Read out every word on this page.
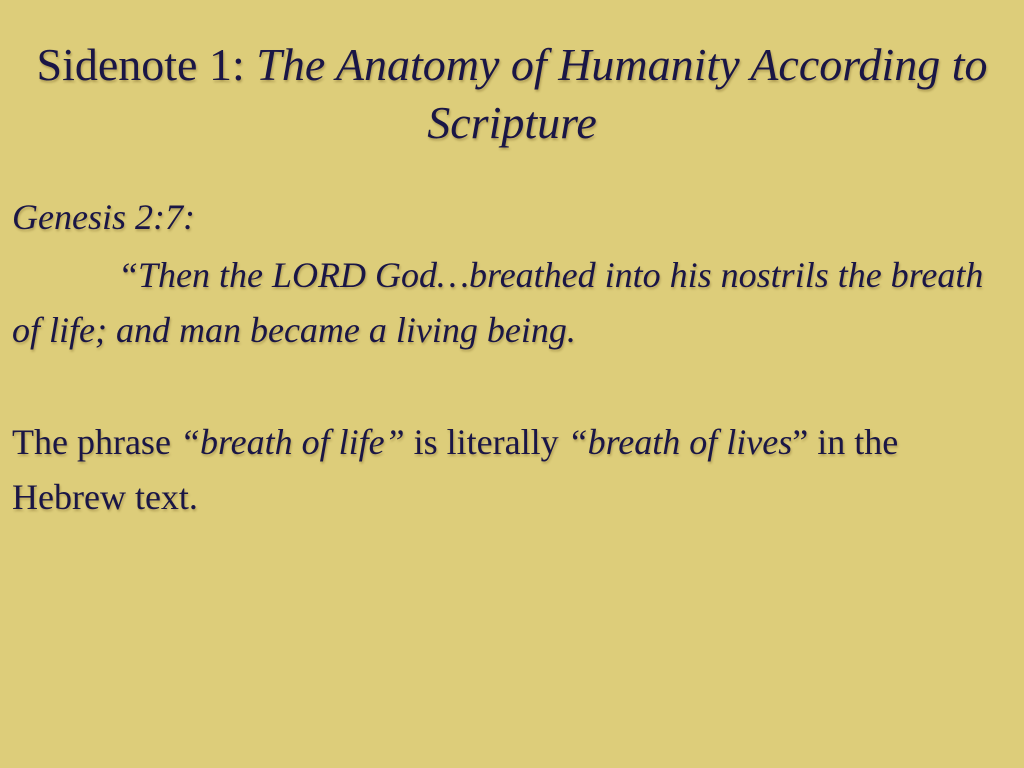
Sidenote 1: The Anatomy of Humanity According to Scripture

Genesis 2:7:

“Then the LORD God…breathed into his nostrils the breath of life; and man became a living being.

The phrase “breath of life” is literally “breath of lives” in the Hebrew text.
